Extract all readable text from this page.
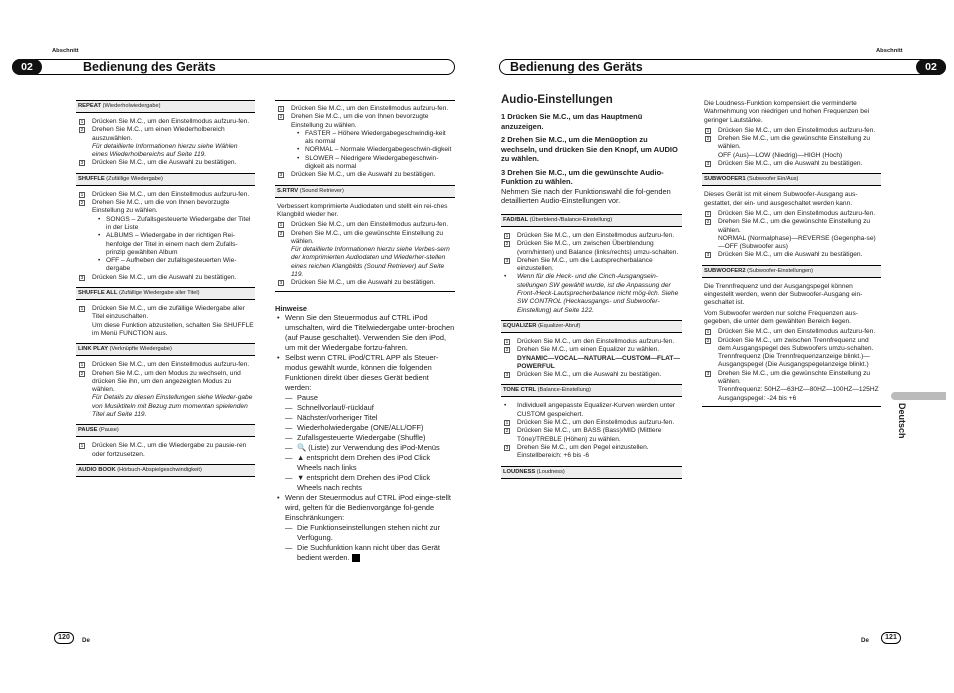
Abschnitt
02	Bedienung des Geräts
Abschnitt
Bedienung des Geräts	02
REPEAT (Wiederholwiedergabe)
1 Drücken Sie M.C., um den Einstellmodus aufzuru-fen.
2 Drehen Sie M.C., um einen Wiederholbereich auszuwählen.
Für detaillierte Informationen hierzu siehe Wählen eines Wiederholbereichs auf Seite 119.
3 Drücken Sie M.C., um die Auswahl zu bestätigen.
SHUFFLE (Zufällige Wiedergabe)
1 Drücken Sie M.C., um den Einstellmodus aufzuru-fen.
2 Drehen Sie M.C., um die von Ihnen bevorzugte Einstellung zu wählen.
• SONGS – Zufallsgesteuerte Wiedergabe der Titel in der Liste
• ALBUMS – Wiedergabe in der richtigen Rei-henfolge der Titel in einem nach dem Zufalls-prinzip gewählten Album
• OFF – Aufheben der zufallsgesteuerten Wie-dergabe
3 Drücken Sie M.C., um die Auswahl zu bestätigen.
SHUFFLE ALL (Zufällige Wiedergabe aller Titel)
1 Drücken Sie M.C., um die zufällige Wiedergabe aller Titel einzuschalten.
Um diese Funktion abzustellen, schalten Sie SHUFFLE im Menü FUNCTION aus.
LINK PLAY (Verknüpfte Wiedergabe)
1 Drücken Sie M.C., um den Einstellmodus aufzuru-fen.
2 Drehen Sie M.C., um den Modus zu wechseln, und drücken Sie ihn, um den angezeigten Modus zu wählen.
Für Details zu diesen Einstellungen siehe Wieder-gabe von Musiktiteln mit Bezug zum momentan spielenden Titel auf Seite 119.
PAUSE (Pause)
1 Drücken Sie M.C., um die Wiedergabe zu pausie-ren oder fortzusetzen.
AUDIO BOOK (Hörbuch-Abspielgeschwindigkeit)
1 Drücken Sie M.C., um den Einstellmodus aufzuru-fen.
2 Drehen Sie M.C., um die von Ihnen bevorzugte Einstellung zu wählen.
• FASTER – Höhere Wiedergabegeschwindig-keit als normal
• NORMAL – Normale Wiedergabegeschwin-digkeit
• SLOWER – Niedrigere Wiedergabegeschwin-digkeit als normal
3 Drücken Sie M.C., um die Auswahl zu bestätigen.
S.RTRV (Sound Retriever)
Verbessert komprimierte Audiodaten und stellt ein rei-ches Klangbild wieder her.
1 Drücken Sie M.C., um den Einstellmodus aufzuru-fen.
2 Drehen Sie M.C., um die gewünschte Einstellung zu wählen.
Für detaillierte Informationen hierzu siehe Verbes-sern der komprimierten Audiodaten und Wiederher-stellen eines reichen Klangbilds (Sound Retriever) auf Seite 119.
3 Drücken Sie M.C., um die Auswahl zu bestätigen.
Hinweise
• Wenn Sie den Steuermodus auf CTRL iPod umschalten, wird die Titelwiedergabe unter-brochen (auf Pause geschaltet). Verwenden Sie den iPod, um mit der Wiedergabe fortzu-fahren.
• Selbst wenn CTRL iPod/CTRL APP als Steuer-modus gewählt wurde, können die folgenden Funktionen direkt über dieses Gerät bedient werden:
— Pause
— Schnellvorlauf/-rücklauf
— Nächster/vorheriger Titel
— Wiederholwiedergabe (ONE/ALL/OFF)
— Zufallsgesteuerte Wiedergabe (Shuffle)
— 🔍 (Liste) zur Verwendung des iPod-Menüs
— ▲ entspricht dem Drehen des iPod Click Wheels nach links
— ▼ entspricht dem Drehen des iPod Click Wheels nach rechts
• Wenn der Steuermodus auf CTRL iPod einge-stellt wird, gelten für die Bedienvorgänge fol-gende Einschränkungen:
— Die Funktionseinstellungen stehen nicht zur Verfügung.
— Die Suchfunktion kann nicht über das Gerät bedient werden.
Audio-Einstellungen
1 Drücken Sie M.C., um das Hauptmenü anzuzeigen.
2 Drehen Sie M.C., um die Menüoption zu wechseln, und drücken Sie den Knopf, um AUDIO zu wählen.
3 Drehen Sie M.C., um die gewünschte Audio-Funktion zu wählen.
Nehmen Sie nach der Funktionswahl die fol-genden detaillierten Audio-Einstellungen vor.
FAD/BAL (Überblend-/Balance-Einstellung)
1 Drücken Sie M.C., um den Einstellmodus aufzuru-fen.
2 Drücken Sie M.C., um zwischen Überblendung (vorn/hinten) und Balance (links/rechts) umzu-schalten.
3 Drehen Sie M.C., um die Lautsprecherbalance einzustellen.
•	Wenn für die Heck- und die Cinch-Ausgangsein-stellungen SW gewählt wurde, ist die Anpassung der Front-/Heck-Lautsprecherbalance nicht mög-lich. Siehe SW CONTROL (Heckausgangs- und Subwoofer-Einstellung) auf Seite 122.
EQUALIZER (Equalizer-Abruf)
1 Drücken Sie M.C., um den Einstellmodus aufzuru-fen.
2 Drehen Sie M.C., um einen Equalizer zu wählen.
DYNAMIC—VOCAL—NATURAL—CUSTOM—FLAT—POWERFUL
3 Drücken Sie M.C., um die Auswahl zu bestätigen.
TONE CTRL (Balance-Einstellung)
•	Individuell angepasste Equalizer-Kurven werden unter CUSTOM gespeichert.
1 Drücken Sie M.C., um den Einstellmodus aufzuru-fen.
2 Drücken Sie M.C., um BASS (Bass)/MID (Mittlere Töne)/TREBLE (Höhen) zu wählen.
3 Drehen Sie M.C., um den Pegel einzustellen.
Einstellbereich: +6 bis -6
LOUDNESS (Loudness)
Die Loudness-Funktion kompensiert die verminderte Wahrnehmung von niedrigen und hohen Frequenzen bei geringer Lautstärke.
1 Drücken Sie M.C., um den Einstellmodus aufzuru-fen.
2 Drehen Sie M.C., um die gewünschte Einstellung zu wählen.
OFF (Aus)—LOW (Niedrig)—HIGH (Hoch)
3 Drücken Sie M.C., um die Auswahl zu bestätigen.
SUBWOOFER1 (Subwoofer Ein/Aus)
Dieses Gerät ist mit einem Subwoofer-Ausgang aus-gestattet, der ein- und ausgeschaltet werden kann.
1 Drücken Sie M.C., um den Einstellmodus aufzuru-fen.
2 Drehen Sie M.C., um die gewünschte Einstellung zu wählen.
NORMAL (Normalphase)—REVERSE (Gegenpha-se)—OFF (Subwoofer aus)
3 Drücken Sie M.C., um die Auswahl zu bestätigen.
SUBWOOFER2 (Subwoofer-Einstellungen)
Die Trennfrequenz und der Ausgangspegel können eingestellt werden, wenn der Subwoofer-Ausgang ein-geschaltet ist.
Vom Subwoofer werden nur solche Frequenzen aus-gegeben, die unter dem gewählten Bereich liegen.
1 Drücken Sie M.C., um den Einstellmodus aufzuru-fen.
2 Drücken Sie M.C., um zwischen Trennfrequenz und dem Ausgangspegel des Subwoofers umzu-schalten.
Trennfrequenz (Die Trennfrequenzanzeige blinkt.)—Ausgangspegel (Die Ausgangspegelanzeige blinkt.)
3 Drehen Sie M.C., um die gewünschte Einstellung zu wählen.
Trennfrequenz: 50HZ—63HZ—80HZ—100HZ—125HZ
Ausgangspegel: -24 bis +6
Deutsch
120	De	De	121
